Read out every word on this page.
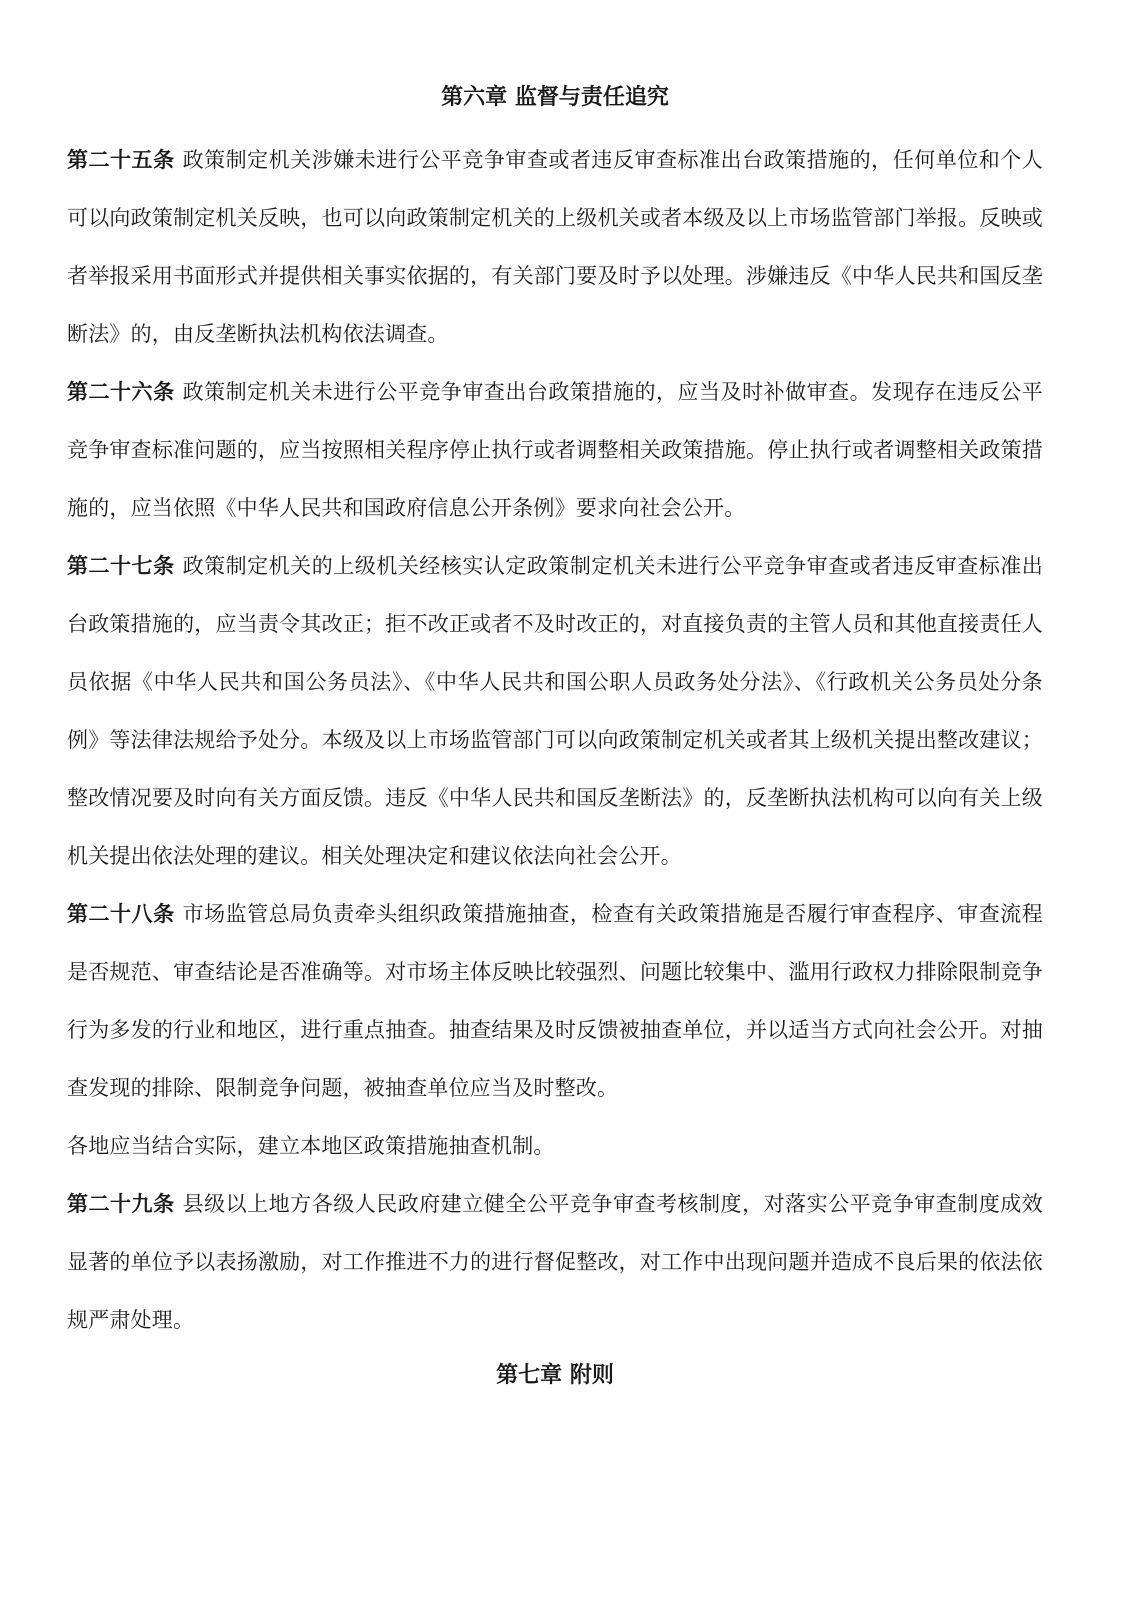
第六章 监督与责任追究

第二十五条 政策制定机关涉嫌未进行公平竞争审查或者违反审查标准出台政策措施的，任何单位和个人可以向政策制定机关反映，也可以向政策制定机关的上级机关或者本级及以上市场监管部门举报。反映或者举报采用书面形式并提供相关事实依据的，有关部门要及时予以处理。涉嫌违反《中华人民共和国反垄断法》的，由反垄断执法机构依法调查。

第二十六条 政策制定机关未进行公平竞争审查出台政策措施的，应当及时补做审查。发现存在违反公平竞争审查标准问题的，应当按照相关程序停止执行或者调整相关政策措施。停止执行或者调整相关政策措施的，应当依照《中华人民共和国政府信息公开条例》要求向社会公开。

第二十七条 政策制定机关的上级机关经核实认定政策制定机关未进行公平竞争审查或者违反审查标准出台政策措施的，应当责令其改正；拒不改正或者不及时改正的，对直接负责的主管人员和其他直接责任人员依据《中华人民共和国公务员法》、《中华人民共和国公职人员政务处分法》、《行政机关公务员处分条例》等法律法规给予处分。本级及以上市场监管部门可以向政策制定机关或者其上级机关提出整改建议；整改情况要及时向有关方面反馈。违反《中华人民共和国反垄断法》的，反垄断执法机构可以向有关上级机关提出依法处理的建议。相关处理决定和建议依法向社会公开。

第二十八条 市场监管总局负责牵头组织政策措施抽查，检查有关政策措施是否履行审查程序、审查流程是否规范、审查结论是否准确等。对市场主体反映比较强烈、问题比较集中、滥用行政权力排除限制竞争行为多发的行业和地区，进行重点抽查。抽查结果及时反馈被抽查单位，并以适当方式向社会公开。对抽查发现的排除、限制竞争问题，被抽查单位应当及时整改。

各地应当结合实际，建立本地区政策措施抽查机制。

第二十九条 县级以上地方各级人民政府建立健全公平竞争审查考核制度，对落实公平竞争审查制度成效显著的单位予以表扬激励，对工作推进不力的进行督促整改，对工作中出现问题并造成不良后果的依法依规严肃处理。

第七章 附则
